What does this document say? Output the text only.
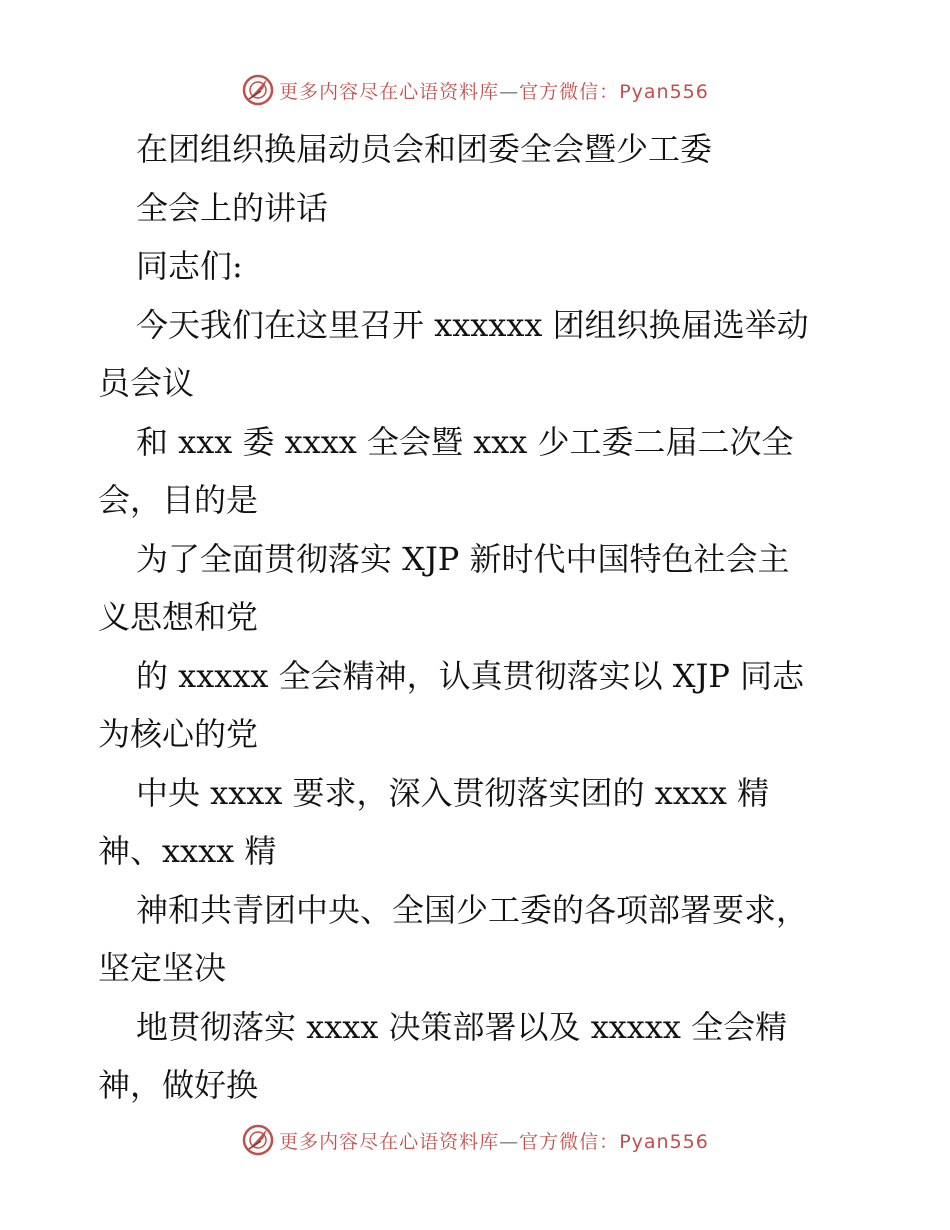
更多内容尽在心语资料库—官方微信：Pyan556
在团组织换届动员会和团委全会暨少工委
全会上的讲话
同志们:
今天我们在这里召开 xxxxxx 团组织换届选举动
员会议
和 xxx 委 xxxx 全会暨 xxx 少工委二届二次全
会，目的是
为了全面贯彻落实 XJP 新时代中国特色社会主
义思想和党
的 xxxxx 全会精神，认真贯彻落实以 XJP 同志
为核心的党
中央 xxxx 要求，深入贯彻落实团的 xxxx 精
神、xxxx 精
神和共青团中央、全国少工委的各项部署要求，
坚定坚决
地贯彻落实 xxxx 决策部署以及 xxxxx 全会精
神，做好换
更多内容尽在心语资料库—官方微信：Pyan556
